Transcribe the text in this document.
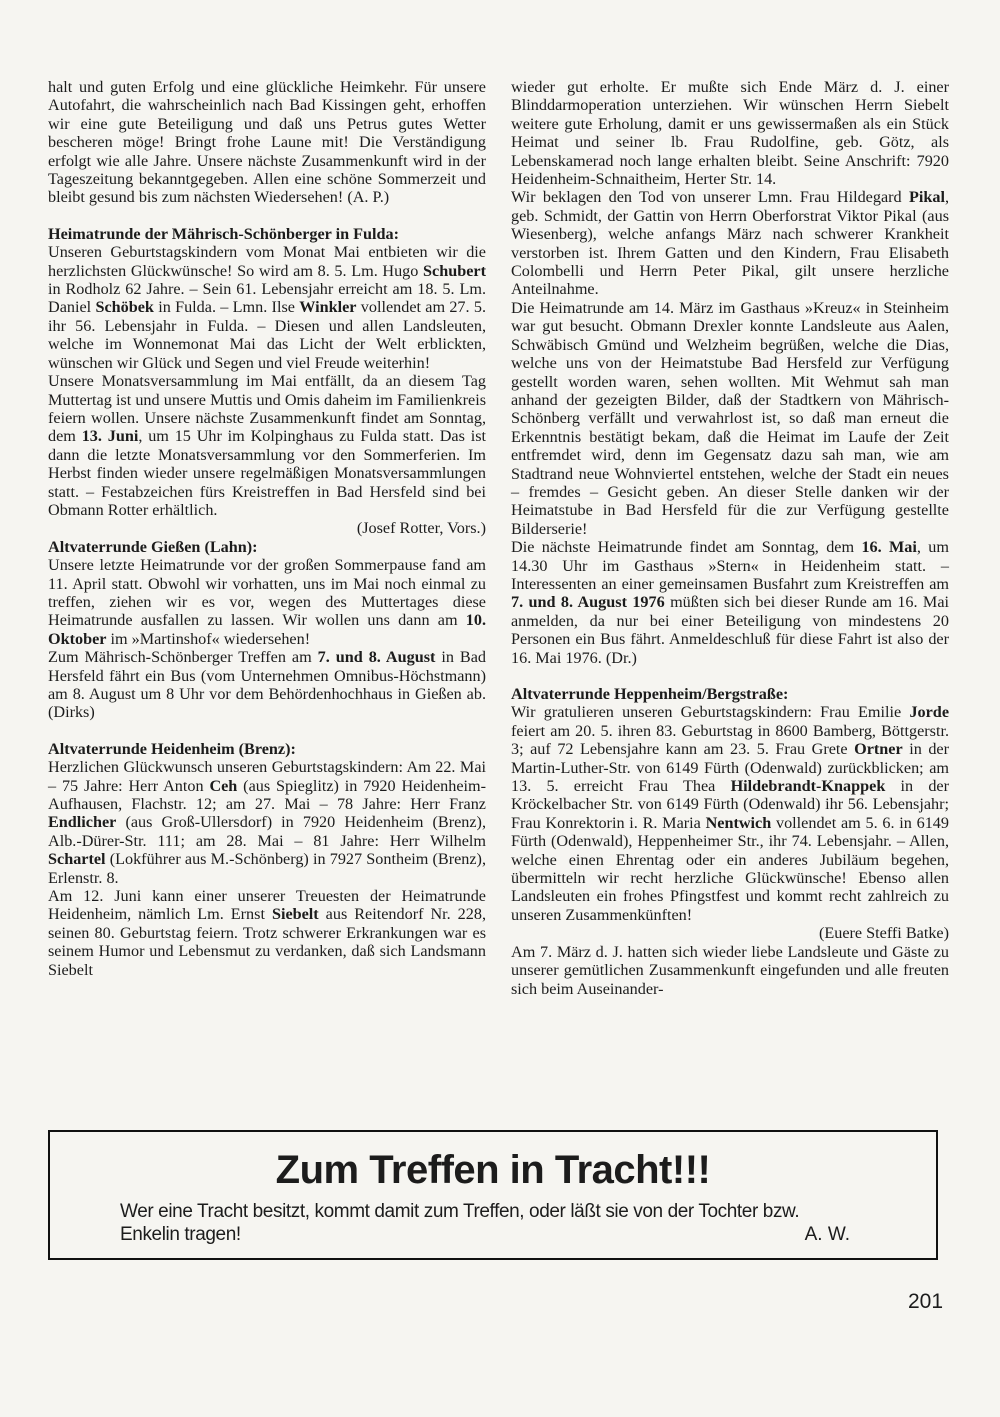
halt und guten Erfolg und eine glückliche Heimkehr. Für unsere Autofahrt, die wahrscheinlich nach Bad Kissingen geht, erhoffen wir eine gute Beteiligung und daß uns Petrus gutes Wetter bescheren möge! Bringt frohe Laune mit! Die Verständigung erfolgt wie alle Jahre. Unsere nächste Zusammenkunft wird in der Tageszeitung bekanntgegeben. Allen eine schöne Sommerzeit und bleibt gesund bis zum nächsten Wiedersehen! (A. P.)

Heimatrunde der Mährisch-Schönberger in Fulda:

Unseren Geburtstagskindern vom Monat Mai entbieten wir die herzlichsten Glückwünsche! So wird am 8. 5. Lm. Hugo Schubert in Rodholz 62 Jahre. – Sein 61. Lebensjahr erreicht am 18. 5. Lm. Daniel Schöbek in Fulda. – Lmn. Ilse Winkler vollendet am 27. 5. ihr 56. Lebensjahr in Fulda. – Diesen und allen Landsleuten, welche im Wonnemonat Mai das Licht der Welt erblickten, wünschen wir Glück und Segen und viel Freude weiterhin!

Unsere Monatsversammlung im Mai entfällt, da an diesem Tag Muttertag ist und unsere Muttis und Omis daheim im Familienkreis feiern wollen. Unsere nächste Zusammenkunft findet am Sonntag, dem 13. Juni, um 15 Uhr im Kolpinghaus zu Fulda statt. Das ist dann die letzte Monatsversammlung vor den Sommerferien. Im Herbst finden wieder unsere regelmäßigen Monatsversammlungen statt. – Festabzeichen fürs Kreistreffen in Bad Hersfeld sind bei Obmann Rotter erhältlich.

(Josef Rotter, Vors.)

Altvaterrunde Gießen (Lahn):

Unsere letzte Heimatrunde vor der großen Sommerpause fand am 11. April statt. Obwohl wir vorhatten, uns im Mai noch einmal zu treffen, ziehen wir es vor, wegen des Muttertages diese Heimatrunde ausfallen zu lassen. Wir wollen uns dann am 10. Oktober im »Martinshof« wiedersehen!

Zum Mährisch-Schönberger Treffen am 7. und 8. August in Bad Hersfeld fährt ein Bus (vom Unternehmen Omnibus-Höchstmann) am 8. August um 8 Uhr vor dem Behördenhochhaus in Gießen ab. (Dirks)

Altvaterrunde Heidenheim (Brenz):

Herzlichen Glückwunsch unseren Geburtstagskindern: Am 22. Mai – 75 Jahre: Herr Anton Ceh (aus Spieglitz) in 7920 Heidenheim-Aufhausen, Flachstr. 12; am 27. Mai – 78 Jahre: Herr Franz Endlicher (aus Groß-Ullersdorf) in 7920 Heidenheim (Brenz), Alb.-Dürer-Str. 111; am 28. Mai – 81 Jahre: Herr Wilhelm Schartel (Lokführer aus M.-Schönberg) in 7927 Sontheim (Brenz), Erlenstr. 8.

Am 12. Juni kann einer unserer Treuesten der Heimatrunde Heidenheim, nämlich Lm. Ernst Siebelt aus Reitendorf Nr. 228, seinen 80. Geburtstag feiern. Trotz schwerer Erkrankungen war es seinem Humor und Lebensmut zu verdanken, daß sich Landsmann Siebelt

wieder gut erholte. Er mußte sich Ende März d. J. einer Blinddarmoperation unterziehen. Wir wünschen Herrn Siebelt weitere gute Erholung, damit er uns gewissermaßen als ein Stück Heimat und seiner lb. Frau Rudolfine, geb. Götz, als Lebenskamerad noch lange erhalten bleibt. Seine Anschrift: 7920 Heidenheim-Schnaitheim, Herter Str. 14.

Wir beklagen den Tod von unserer Lmn. Frau Hildegard Pikal, geb. Schmidt, der Gattin von Herrn Oberforstrat Viktor Pikal (aus Wiesenberg), welche anfangs März nach schwerer Krankheit verstorben ist. Ihrem Gatten und den Kindern, Frau Elisabeth Colombelli und Herrn Peter Pikal, gilt unsere herzliche Anteilnahme.

Die Heimatrunde am 14. März im Gasthaus »Kreuz« in Steinheim war gut besucht. Obmann Drexler konnte Landsleute aus Aalen, Schwäbisch Gmünd und Welzheim begrüßen, welche die Dias, welche uns von der Heimatstube Bad Hersfeld zur Verfügung gestellt worden waren, sehen wollten. Mit Wehmut sah man anhand der gezeigten Bilder, daß der Stadtkern von Mährisch-Schönberg verfällt und verwahrlost ist, so daß man erneut die Erkenntnis bestätigt bekam, daß die Heimat im Laufe der Zeit entfremdet wird, denn im Gegensatz dazu sah man, wie am Stadtrand neue Wohnviertel entstehen, welche der Stadt ein neues – fremdes – Gesicht geben. An dieser Stelle danken wir der Heimatstube in Bad Hersfeld für die zur Verfügung gestellte Bilderserie!

Die nächste Heimatrunde findet am Sonntag, dem 16. Mai, um 14.30 Uhr im Gasthaus »Stern« in Heidenheim statt. – Interessenten an einer gemeinsamen Busfahrt zum Kreistreffen am 7. und 8. August 1976 müßten sich bei dieser Runde am 16. Mai anmelden, da nur bei einer Beteiligung von mindestens 20 Personen ein Bus fährt. Anmeldeschluß für diese Fahrt ist also der 16. Mai 1976. (Dr.)

Altvaterrunde Heppenheim/Bergstraße:

Wir gratulieren unseren Geburtstagskindern: Frau Emilie Jorde feiert am 20. 5. ihren 83. Geburtstag in 8600 Bamberg, Böttgerstr. 3; auf 72 Lebensjahre kann am 23. 5. Frau Grete Ortner in der Martin-Luther-Str. von 6149 Fürth (Odenwald) zurückblicken; am 13. 5. erreicht Frau Thea Hildebrandt-Knappek in der Kröckelbacher Str. von 6149 Fürth (Odenwald) ihr 56. Lebensjahr; Frau Konrektorin i. R. Maria Nentwich vollendet am 5. 6. in 6149 Fürth (Odenwald), Heppenheimer Str., ihr 74. Lebensjahr. – Allen, welche einen Ehrentag oder ein anderes Jubiläum begehen, übermitteln wir recht herzliche Glückwünsche! Ebenso allen Landsleuten ein frohes Pfingstfest und kommt recht zahlreich zu unseren Zusammenkünften!

(Euere Steffi Batke)

Am 7. März d. J. hatten sich wieder liebe Landsleute und Gäste zu unserer gemütlichen Zusammenkunft eingefunden und alle freuten sich beim Auseinander-

Zum Treffen in Tracht!!!
Wer eine Tracht besitzt, kommt damit zum Treffen, oder läßt sie von der Tochter bzw. Enkelin tragen!	A. W.
201
